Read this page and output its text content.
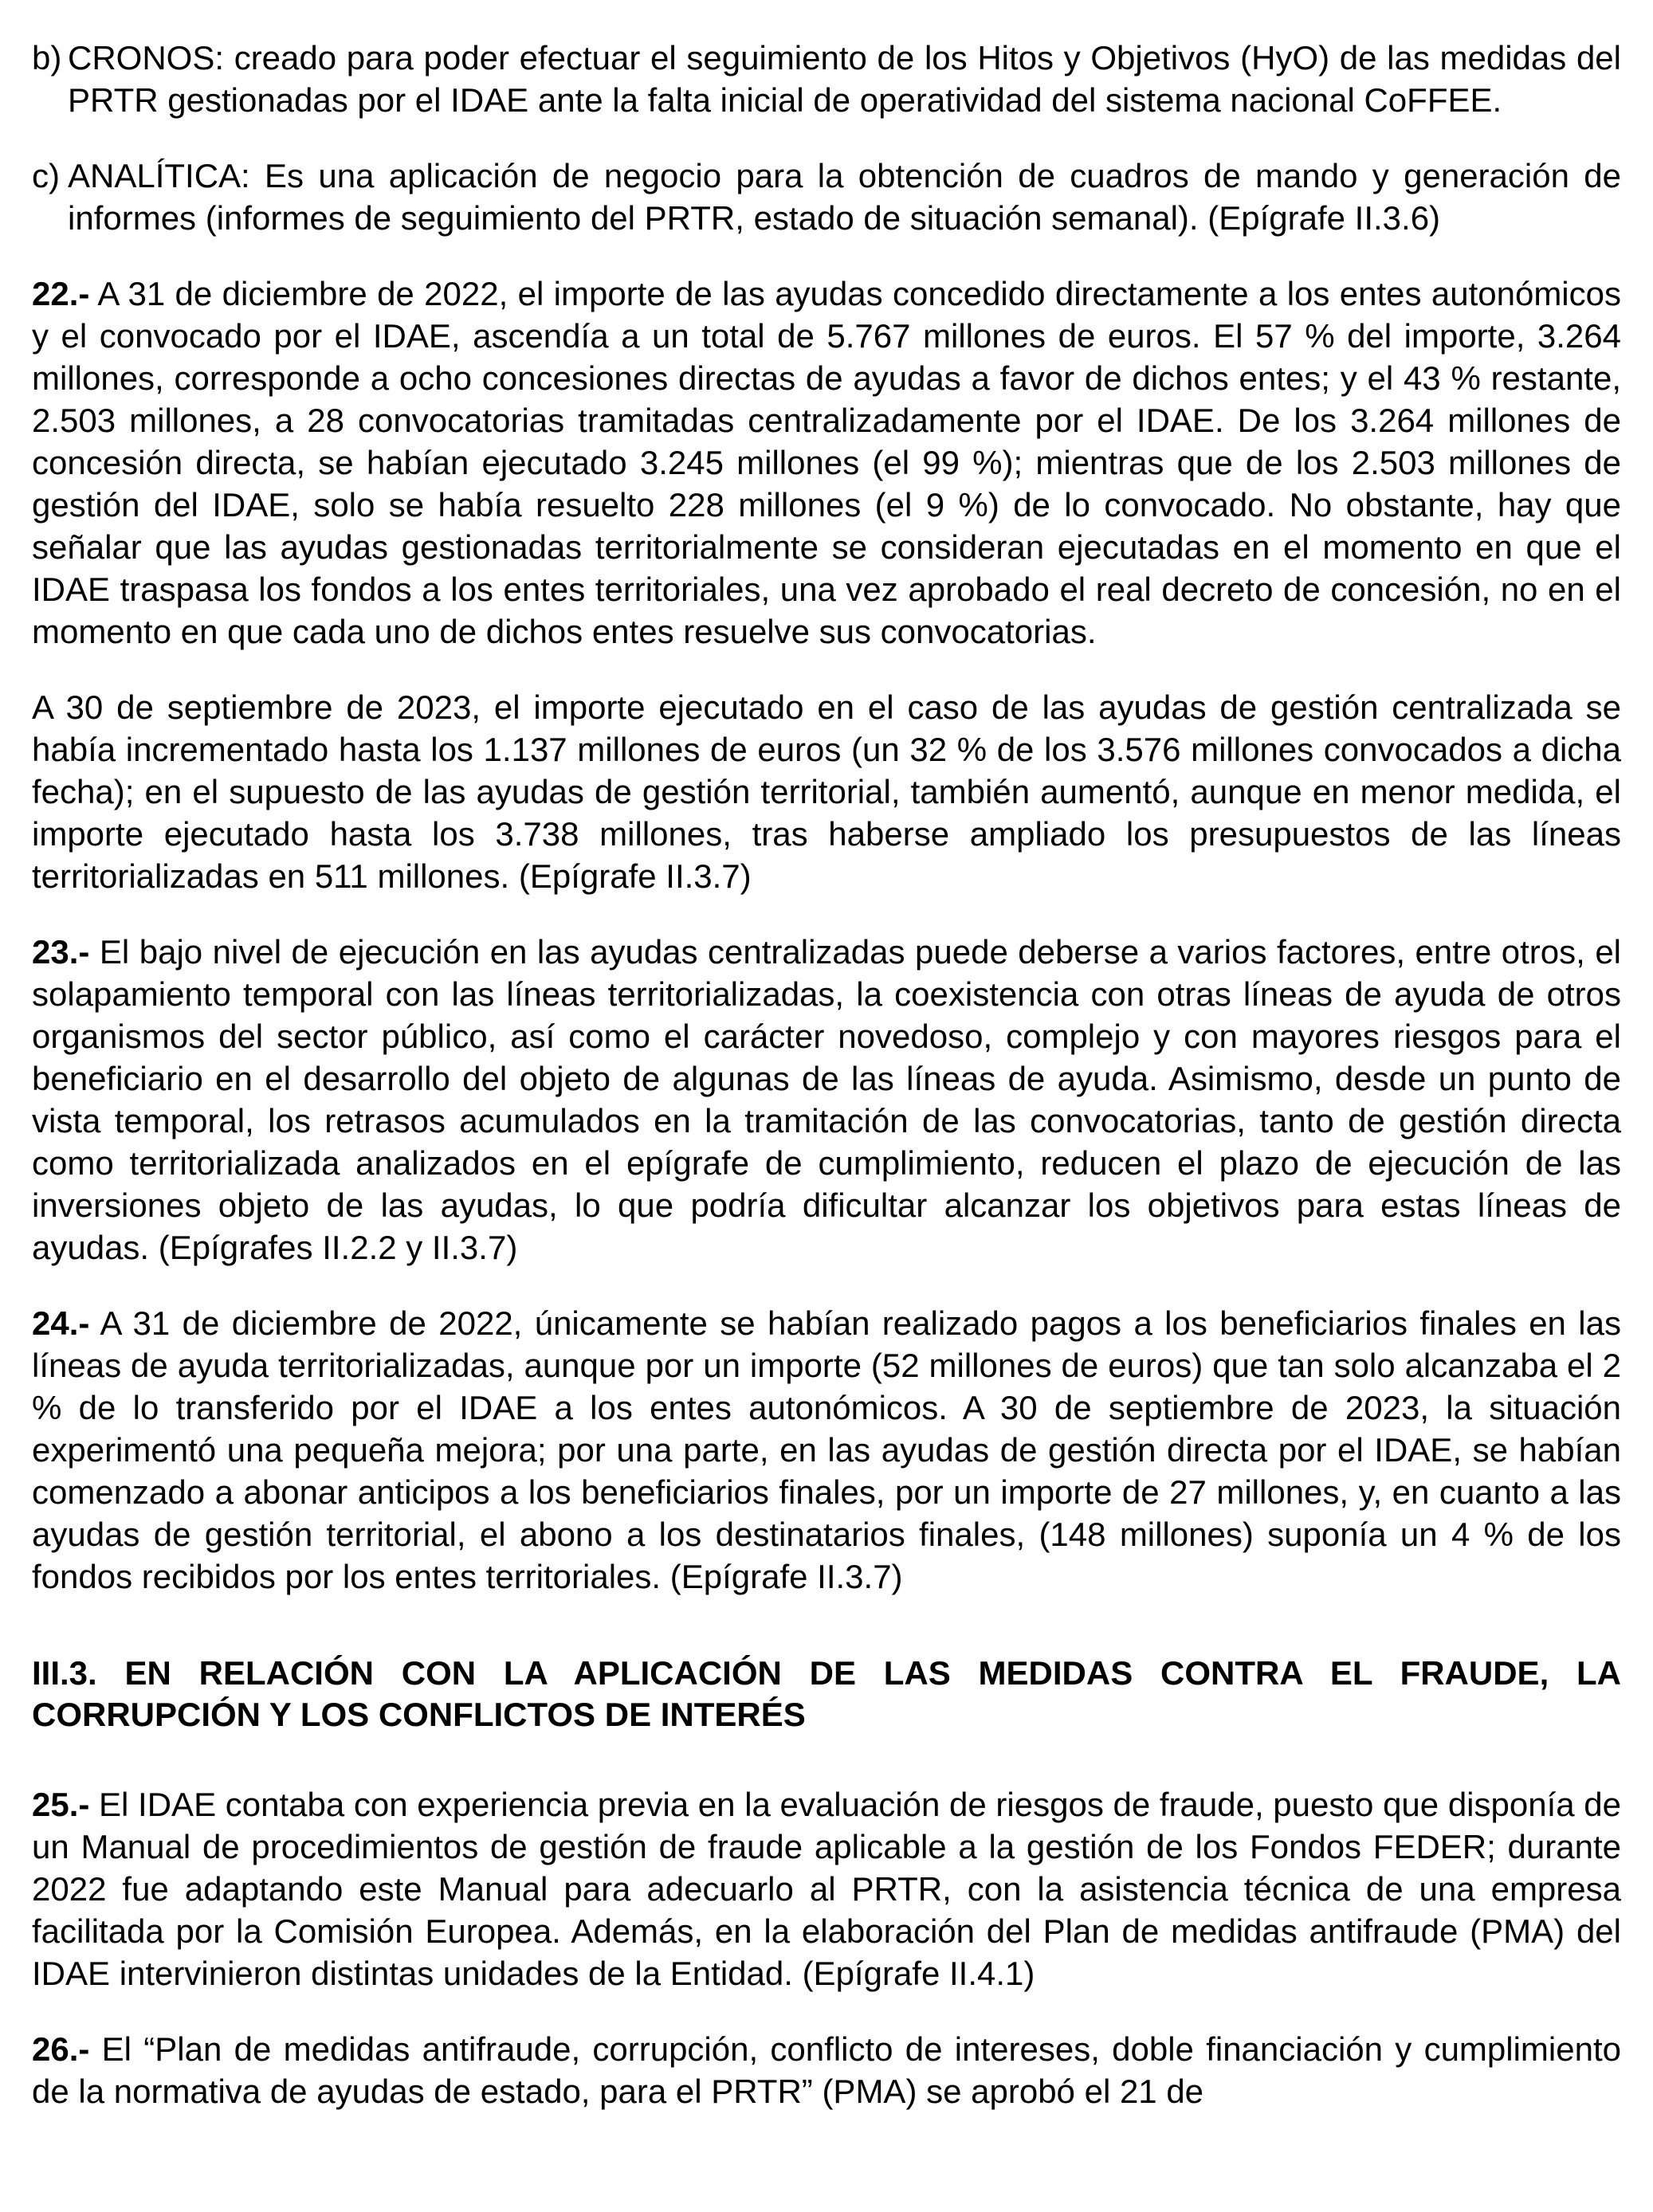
b) CRONOS: creado para poder efectuar el seguimiento de los Hitos y Objetivos (HyO) de las medidas del PRTR gestionadas por el IDAE ante la falta inicial de operatividad del sistema nacional CoFFEE.
c) ANALÍTICA: Es una aplicación de negocio para la obtención de cuadros de mando y generación de informes (informes de seguimiento del PRTR, estado de situación semanal). (Epígrafe II.3.6)

22.- A 31 de diciembre de 2022, el importe de las ayudas concedido directamente a los entes autonómicos y el convocado por el IDAE, ascendía a un total de 5.767 millones de euros. El 57 % del importe, 3.264 millones, corresponde a ocho concesiones directas de ayudas a favor de dichos entes; y el 43 % restante, 2.503 millones, a 28 convocatorias tramitadas centralizadamente por el IDAE. De los 3.264 millones de concesión directa, se habían ejecutado 3.245 millones (el 99 %); mientras que de los 2.503 millones de gestión del IDAE, solo se había resuelto 228 millones (el 9 %) de lo convocado. No obstante, hay que señalar que las ayudas gestionadas territorialmente se consideran ejecutadas en el momento en que el IDAE traspasa los fondos a los entes territoriales, una vez aprobado el real decreto de concesión, no en el momento en que cada uno de dichos entes resuelve sus convocatorias.

A 30 de septiembre de 2023, el importe ejecutado en el caso de las ayudas de gestión centralizada se había incrementado hasta los 1.137 millones de euros (un 32 % de los 3.576 millones convocados a dicha fecha); en el supuesto de las ayudas de gestión territorial, también aumentó, aunque en menor medida, el importe ejecutado hasta los 3.738 millones, tras haberse ampliado los presupuestos de las líneas territorializadas en 511 millones. (Epígrafe II.3.7)

23.- El bajo nivel de ejecución en las ayudas centralizadas puede deberse a varios factores, entre otros, el solapamiento temporal con las líneas territorializadas, la coexistencia con otras líneas de ayuda de otros organismos del sector público, así como el carácter novedoso, complejo y con mayores riesgos para el beneficiario en el desarrollo del objeto de algunas de las líneas de ayuda. Asimismo, desde un punto de vista temporal, los retrasos acumulados en la tramitación de las convocatorias, tanto de gestión directa como territorializada analizados en el epígrafe de cumplimiento, reducen el plazo de ejecución de las inversiones objeto de las ayudas, lo que podría dificultar alcanzar los objetivos para estas líneas de ayudas. (Epígrafes II.2.2 y II.3.7)

24.- A 31 de diciembre de 2022, únicamente se habían realizado pagos a los beneficiarios finales en las líneas de ayuda territorializadas, aunque por un importe (52 millones de euros) que tan solo alcanzaba el 2 % de lo transferido por el IDAE a los entes autonómicos. A 30 de septiembre de 2023, la situación experimentó una pequeña mejora; por una parte, en las ayudas de gestión directa por el IDAE, se habían comenzado a abonar anticipos a los beneficiarios finales, por un importe de 27 millones, y, en cuanto a las ayudas de gestión territorial, el abono a los destinatarios finales, (148 millones) suponía un 4 % de los fondos recibidos por los entes territoriales. (Epígrafe II.3.7)

III.3. EN RELACIÓN CON LA APLICACIÓN DE LAS MEDIDAS CONTRA EL FRAUDE, LA CORRUPCIÓN Y LOS CONFLICTOS DE INTERÉS

25.- El IDAE contaba con experiencia previa en la evaluación de riesgos de fraude, puesto que disponía de un Manual de procedimientos de gestión de fraude aplicable a la gestión de los Fondos FEDER; durante 2022 fue adaptando este Manual para adecuarlo al PRTR, con la asistencia técnica de una empresa facilitada por la Comisión Europea. Además, en la elaboración del Plan de medidas antifraude (PMA) del IDAE intervinieron distintas unidades de la Entidad. (Epígrafe II.4.1)

26.- El “Plan de medidas antifraude, corrupción, conflicto de intereses, doble financiación y cumplimiento de la normativa de ayudas de estado, para el PRTR” (PMA) se aprobó el 21 de
